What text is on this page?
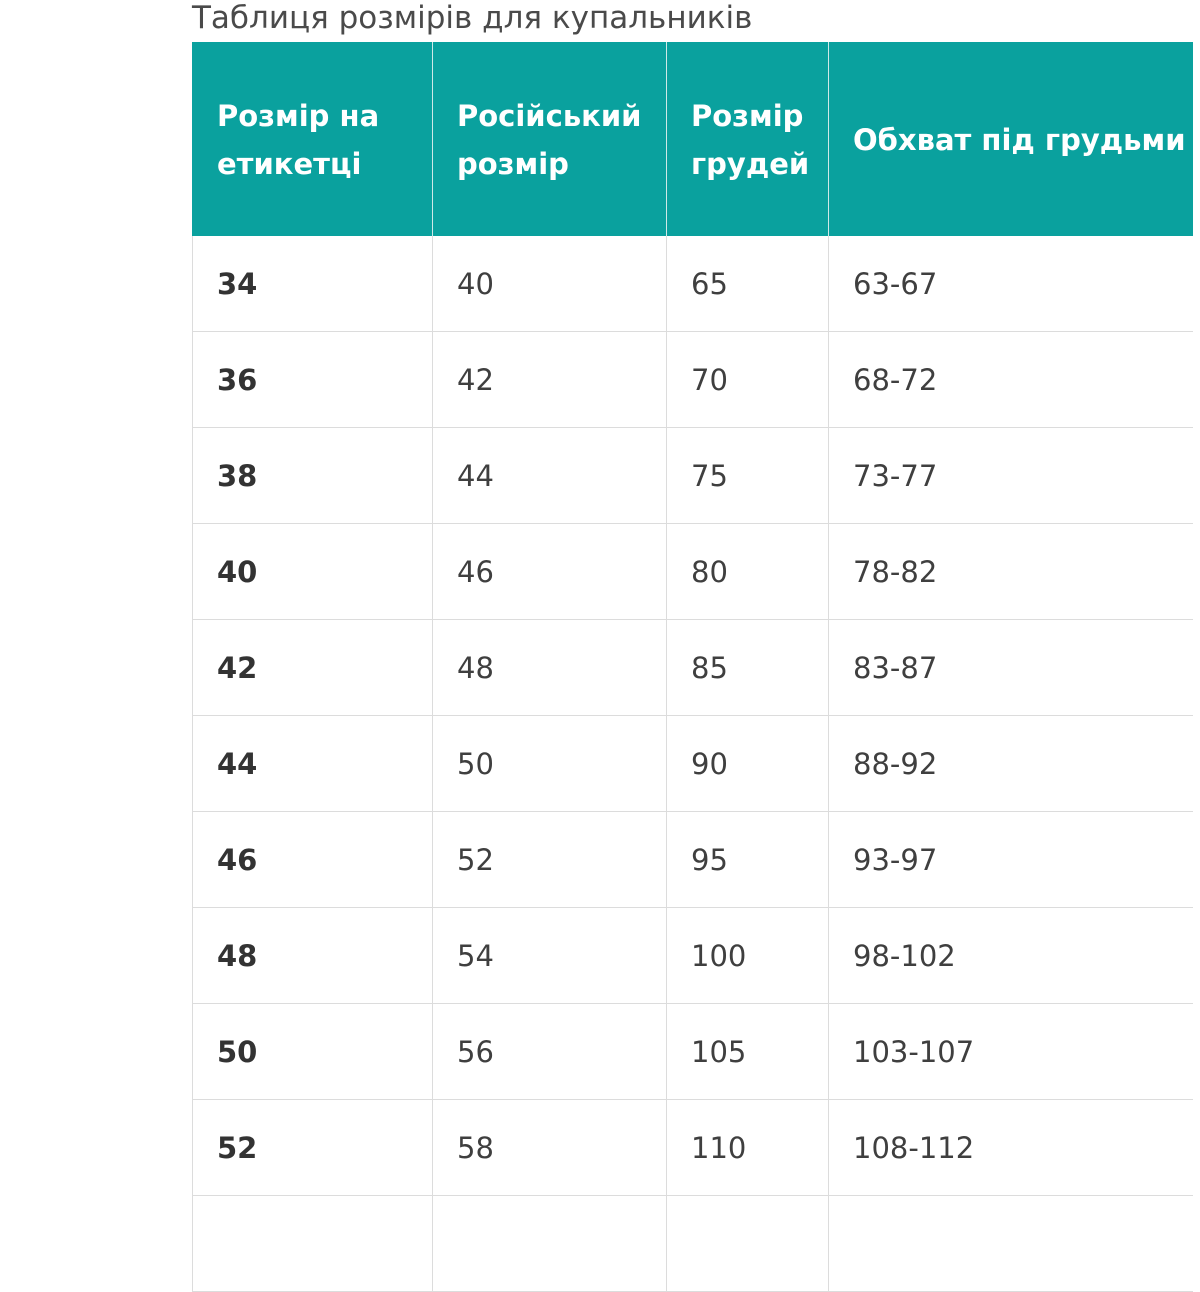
Таблиця розмірів для купальників
Розмір на етикетці	Російський розмір	Розмір грудей	Обхват під грудьми
34	40	65	63-67
36	42	70	68-72
38	44	75	73-77
40	46	80	78-82
42	48	85	83-87
44	50	90	88-92
46	52	95	93-97
48	54	100	98-102
50	56	105	103-107
52	58	110	108-112
